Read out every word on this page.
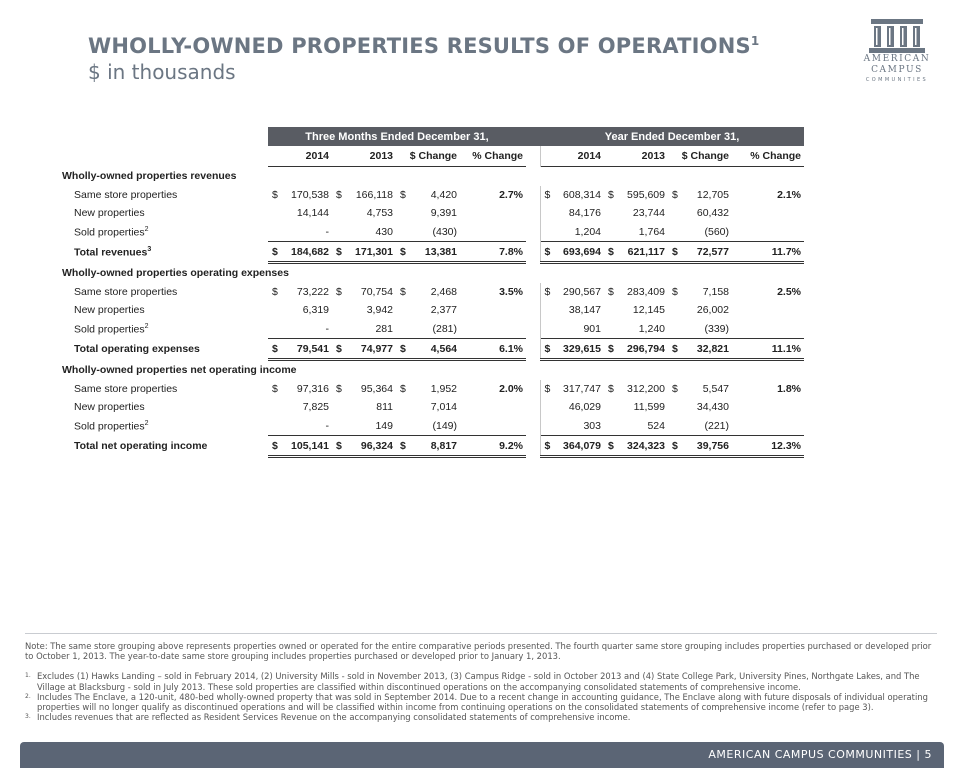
WHOLLY-OWNED PROPERTIES RESULTS OF OPERATIONS$^1$
$ in thousands
AMERICAN
CAMPUS
COMMUNITIES
	Three Months Ended December 31,					Year Ended December 31,			
	2014	2013	$ Change	% Change		2014	2013	$ Change	% Change
Wholly-owned properties revenues									
Same store properties	$ 170,538	$ 166,118	$ 4,420	2.7%		$ 608,314	$ 595,609	$ 12,705	2.1%
New properties	14,144	4,753	9,391			84,176	23,744	60,432	
Sold properties$^2$	-	430	(430)			1,204	1,764	(560)	
Total revenues$^3$	$ 184,682	$ 171,301	$ 13,381	7.8%		$ 693,694	$ 621,117	$ 72,577	11.7%
Wholly-owned properties operating expenses									
Same store properties	$ 73,222	$ 70,754	$ 2,468	3.5%		$ 290,567	$ 283,409	$ 7,158	2.5%
New properties	6,319	3,942	2,377			38,147	12,145	26,002	
Sold properties$^2$	-	281	(281)			901	1,240	(339)	
Total operating expenses	$ 79,541	$ 74,977	$ 4,564	6.1%		$ 329,615	$ 296,794	$ 32,821	11.1%
Wholly-owned properties net operating income									
Same store properties	$ 97,316	$ 95,364	$ 1,952	2.0%		$ 317,747	$ 312,200	$ 5,547	1.8%
New properties	7,825	811	7,014			46,029	11,599	34,430	
Sold properties$^2$	-	149	(149)			303	524	(221)	
Total net operating income	$ 105,141	$ 96,324	$ 8,817	9.2%		$ 364,079	$ 324,323	$ 39,756	12.3%
Note: The same store grouping above represents properties owned or operated for the entire comparative periods presented. The fourth quarter same store grouping includes properties purchased or developed prior to October 1, 2013. The year-to-date same store grouping includes properties purchased or developed prior to January 1, 2013.
1. Excludes (1) Hawks Landing – sold in February 2014, (2) University Mills - sold in November 2013, (3) Campus Ridge - sold in October 2013 and (4) State College Park, University Pines, Northgate Lakes, and The Village at Blacksburg - sold in July 2013. These sold properties are classified within discontinued operations on the accompanying consolidated statements of comprehensive income.
2. Includes The Enclave, a 120-unit, 480-bed wholly-owned property that was sold in September 2014. Due to a recent change in accounting guidance, The Enclave along with future disposals of individual operating properties will no longer qualify as discontinued operations and will be classified within income from continuing operations on the consolidated statements of comprehensive income (refer to page 3).
3. Includes revenues that are reflected as Resident Services Revenue on the accompanying consolidated statements of comprehensive income.
AMERICAN CAMPUS COMMUNITIES | 5
